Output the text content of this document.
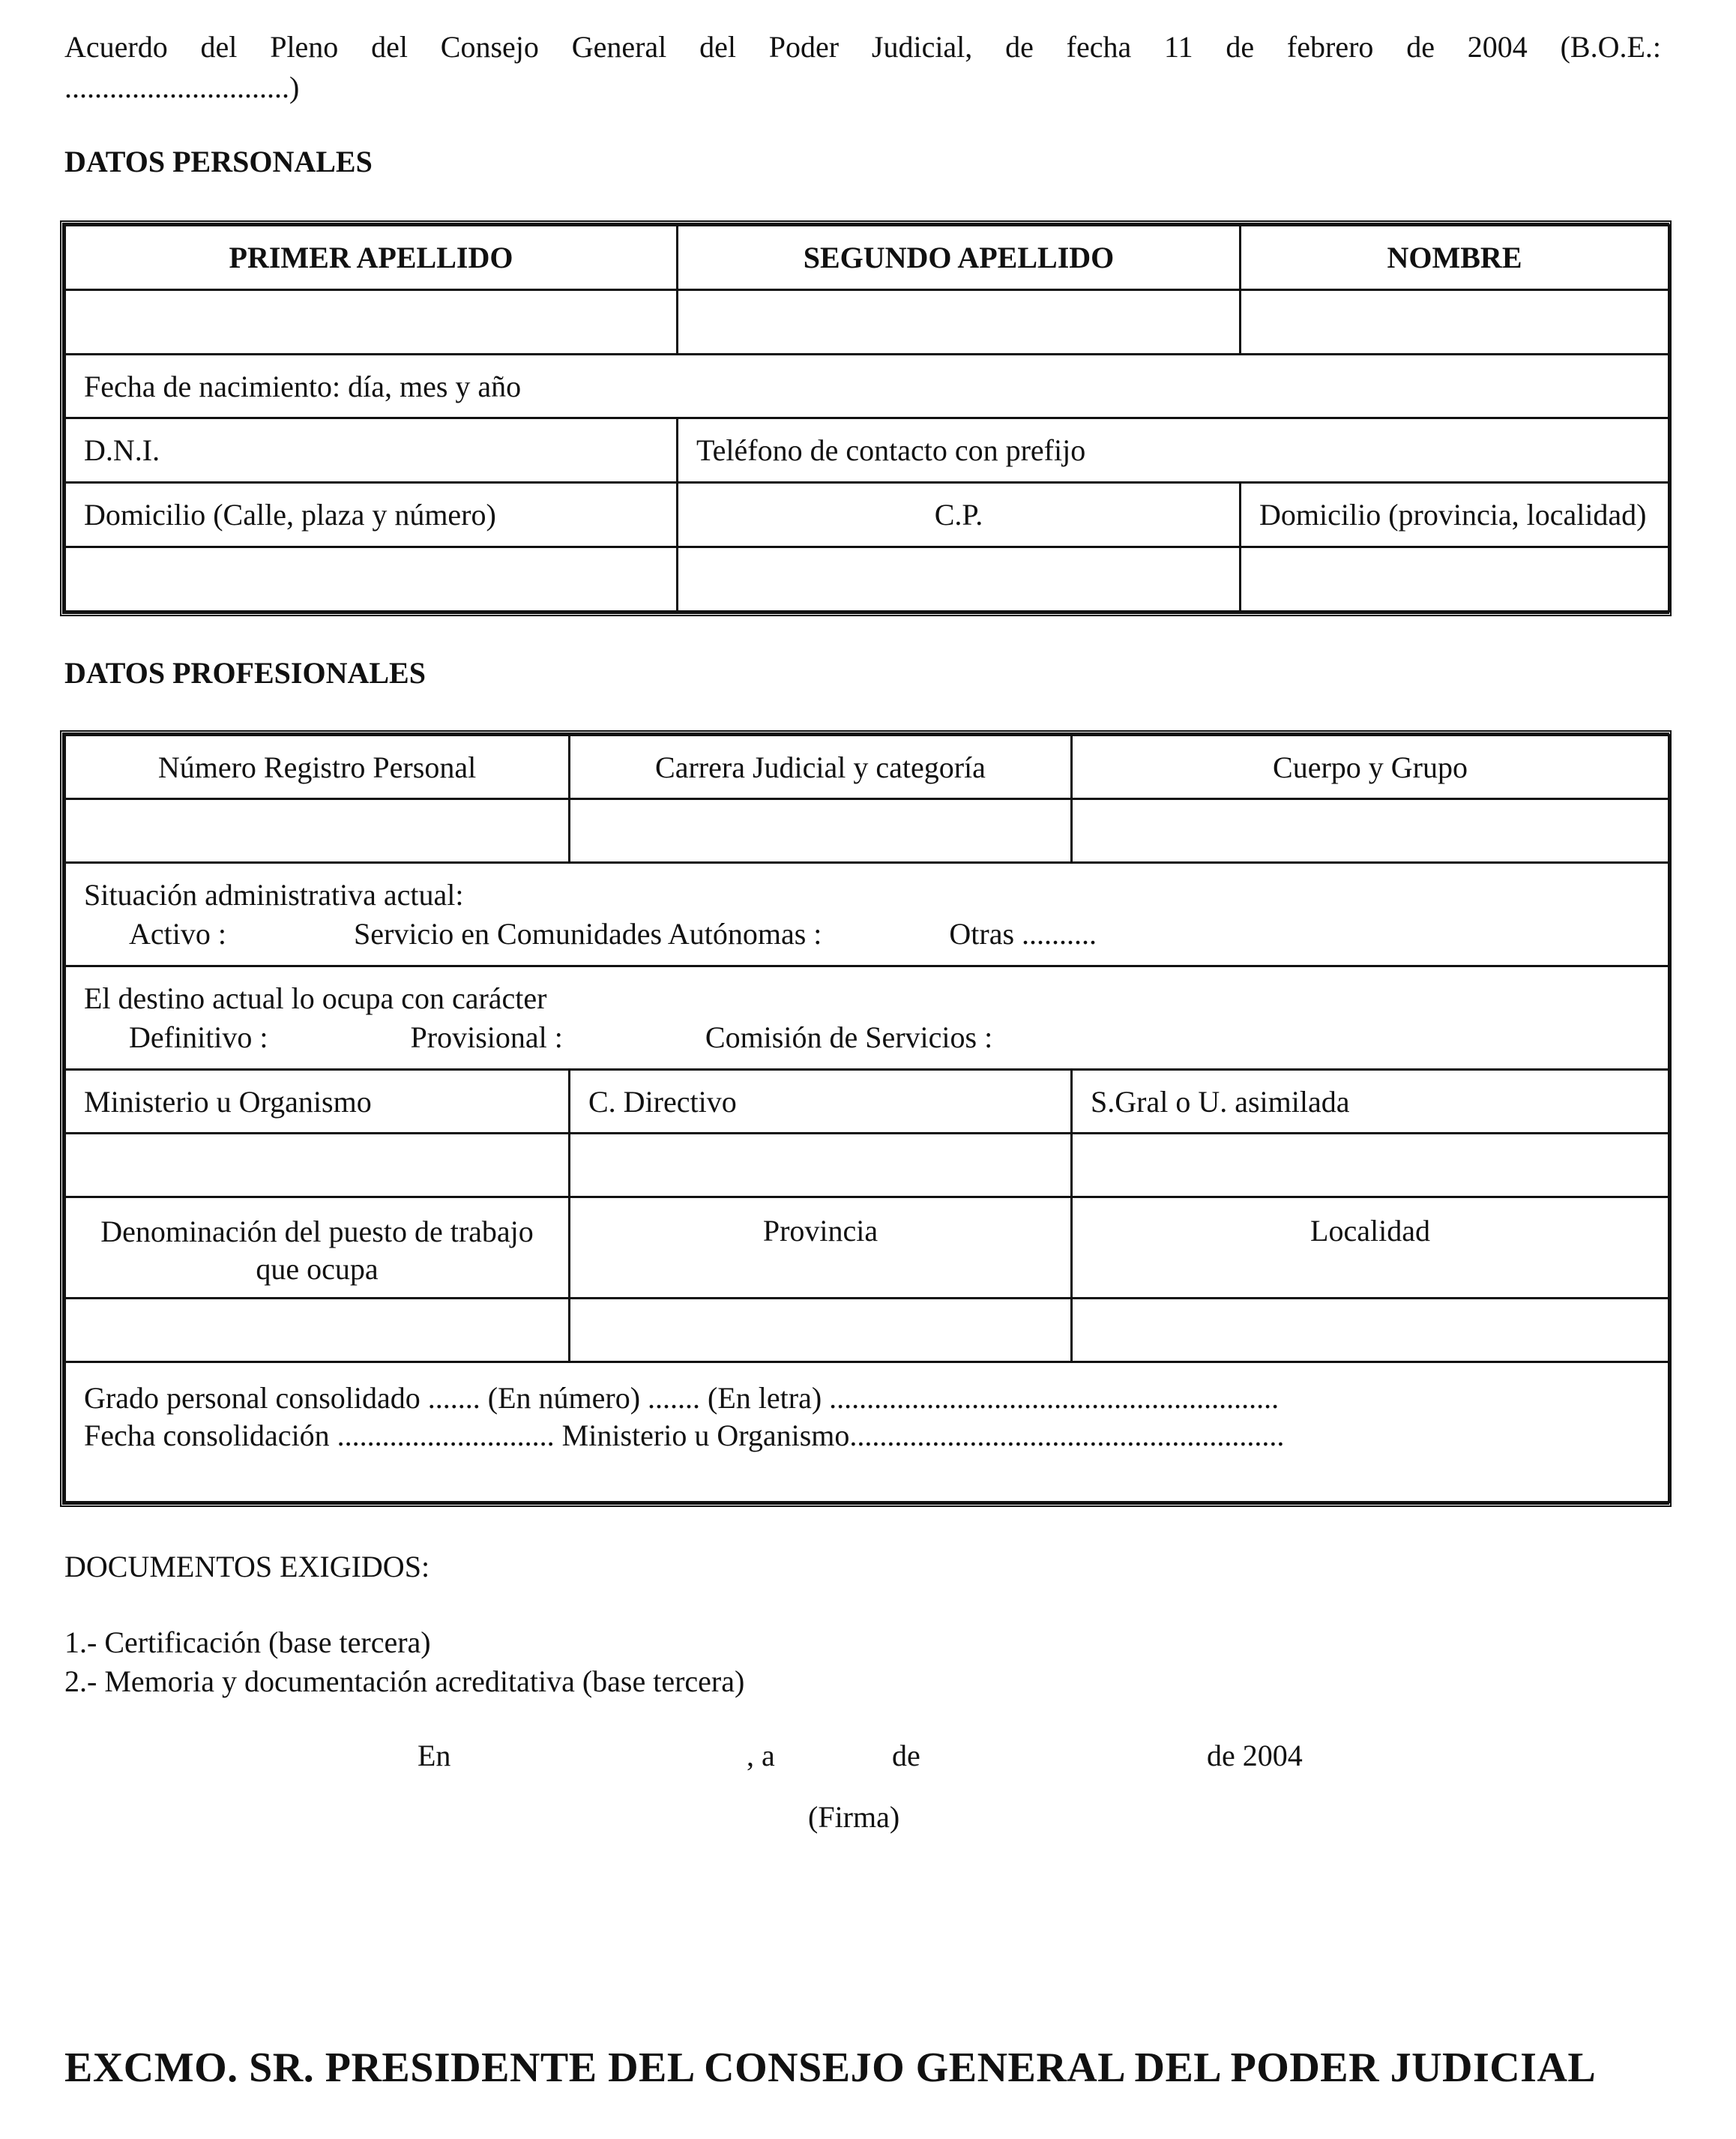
Acuerdo del Pleno del Consejo General del Poder Judicial, de fecha 11 de febrero de 2004 (B.O.E.:
..............................)
DATOS PERSONALES
PRIMER APELLIDO	SEGUNDO APELLIDO	NOMBRE

Fecha de nacimiento: día, mes y año		
D.N.I.	Teléfono de contacto con prefijo	
Domicilio (Calle, plaza y número)	C.P.	Domicilio (provincia, localidad)

DATOS PROFESIONALES
Número Registro Personal	Carrera Judicial y categoría	Cuerpo y Grupo

Situación administrativa actual:
Activo : Servicio en Comunidades Autónomas : Otras ..........		

El destino actual lo ocupa con carácter
Definitivo : Provisional : Comisión de Servicios :		

Ministerio u Organismo	C. Directivo	S.Gral o U. asimilada

Denominación del puesto de trabajo que ocupa	Provincia	Localidad

Grado personal consolidado ....... (En número) ....... (En letra) ............................................................
Fecha consolidación ............................. Ministerio u Organismo..........................................................		
DOCUMENTOS EXIGIDOS:
1.- Certificación (base tercera)
2.- Memoria y documentación acreditativa (base tercera)
En	, a	de	de 2004
(Firma)
EXCMO. SR. PRESIDENTE DEL CONSEJO GENERAL DEL PODER JUDICIAL
